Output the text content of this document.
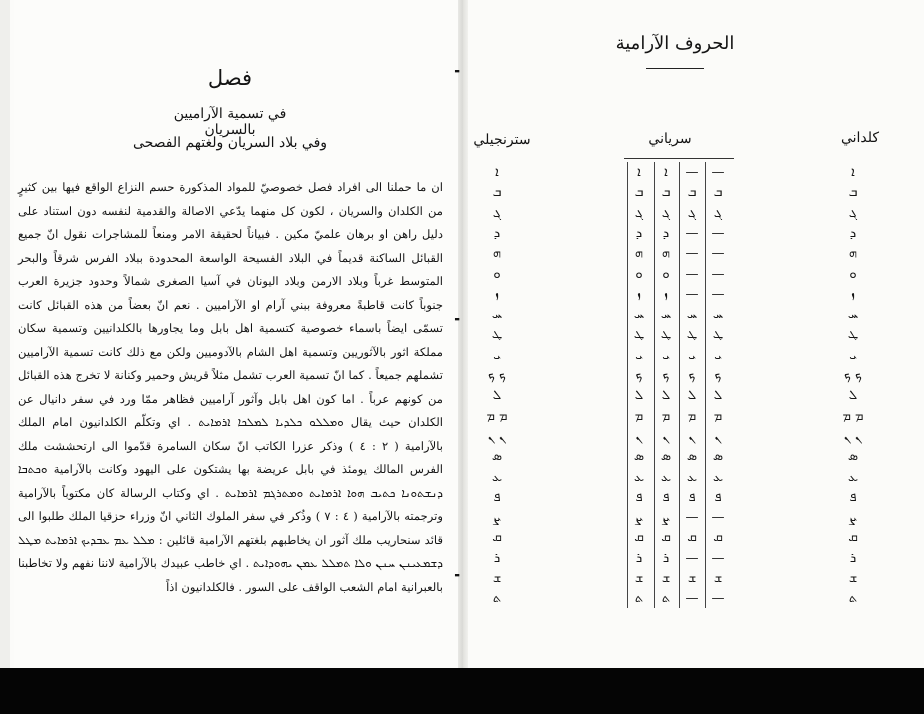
فصل
في تسمية الآراميين بالسريان
وفي بلاد السريان ولغتهم الفصحى

ان ما حملنا الى افراد فصل خصوصيّ للمواد المذكورة حسم النزاع الواقع فيها بين كثيرٍ من الكلدان والسريان ، لكون كل منهما يدّعي الاصالة والقدمية لنفسه دون استناد على دليل راهن او برهان علميّ مكين . فبياناً لحقيقة الامر ومنعاً للمشاجرات نقول انّ جميع القبائل الساكنة قديماً في البلاد الفسيحة الواسعة المحدودة ببلاد الفرس شرقاً والبحر المتوسط غرباً وبلاد الارمن وبلاد اليونان في آسيا الصغرى شمالاً وحدود جزيرة العرب جنوباً كانت قاطبةً معروفة ببني آرام او الآراميين . نعم انّ بعضاً من هذه القبائل كانت تسمّى ايضاً باسماء خصوصية كتسمية اهل بابل وما يجاورها بالكلدانيين وتسمية سكان مملكة اثور بالآثوريين وتسمية اهل الشام بالآدوميين ولكن مع ذلك كانت تسمية الآراميين تشملهم جميعاً . كما انّ تسمية العرب تشمل مثلاً قريش وحمير وكنانة لا تخرج هذه القبائل من كونهم عرباً . اما كون اهل بابل وآثور آراميين فظاهر ممّا ورد في سفر دانيال عن الكلدان حيث يقال ܘܡܠܠܘ ܟܠܕܝܐ ܠܡܠܟܐ ܐܪܡܐܝܬ . اي وتكلّم الكلدانيون امام الملك بالآرامية ( ٢ : ٤ ) وذكر عزرا الكاتب انّ سكان السامرة قدّموا الى ارتحششت ملك الفرس المالك يومئذ في بابل عريضة بها يشتكون على اليهود وكانت بالآرامية ܘܟܬܒܐ ܕܢܫܬܘܢܐ ܟܬܝܒ ܗܘܐ ܐܪܡܐܝܬ ܘܡܬܪܓܡ ܐܪܡܐܝܬ . اي وكتاب الرسالة كان مكتوباً بالآرامية وترجمته بالآرامية ( ٤ : ٧ ) وذُكر في سفر الملوك الثاني انّ وزراء حزقيا الملك طلبوا الى قائد سنحاريب ملك آثور ان يخاطبهم بلغتهم الآرامية قائلين : ܡܠܠ ܥܡ ܥܒܕܝܟ ܐܪܡܐܝܬ ܡܛܠ ܕܫܡܥܝܢܢ ܚܢܢ ܘܠܐ ܬܡܠܠ ܥܡܢ ܝܗܘܕܐܝܬ . اي خاطب عبيدك بالآرامية لاننا نفهم ولا تخاطبنا بالعبرانية امام الشعب الواقف على السور . فالكلدانيون اذاً

الحروف الآرامية
سترنجيلي	سرياني	كلداني
ܐ	ܐ	ܐ	—	—	ܐ
ܒ	ܒ	ܒ	ܒ	ܒ	ܒ
ܓ	ܓ	ܓ	ܓ	ܓ	ܓ
ܕ	ܕ	ܕ	—	—	ܕ
ܗ	ܗ	ܗ	—	—	ܗ
ܘ	ܘ	ܘ	—	—	ܘ
ܙ	ܙ	ܙ	—	—	ܙ
ܚ	ܚ	ܚ	ܚ	ܚ	ܚ
ܛ	ܛ	ܛ	ܛ	ܛ	ܛ
ܝ	ܝ	ܝ	ܝ	ܝ	ܝ
ܟ ܟ	ܟ	ܟ	ܟ	ܟ	ܟ ܟ
ܠ	ܠ	ܠ	ܠ	ܠ	ܠ
ܡ ܡ	ܡ	ܡ	ܡ	ܡ	ܡ ܡ
ܢ ܢ	ܢ	ܢ	ܢ	ܢ	ܢ ܢ
ܣ	ܣ	ܣ	ܣ	ܣ	ܣ
ܥ	ܥ	ܥ	ܥ	ܥ	ܥ
ܦ	ܦ	ܦ	ܦ	ܦ	ܦ
ܨ	ܨ	ܨ	—	—	ܨ
ܩ	ܩ	ܩ	ܩ	ܩ	ܩ
ܪ	ܪ	ܪ	—	—	ܪ
ܫ	ܫ	ܫ	ܫ	ܫ	ܫ
ܬ	ܬ	ܬ	—	—	ܬ
╸
╸
╸
